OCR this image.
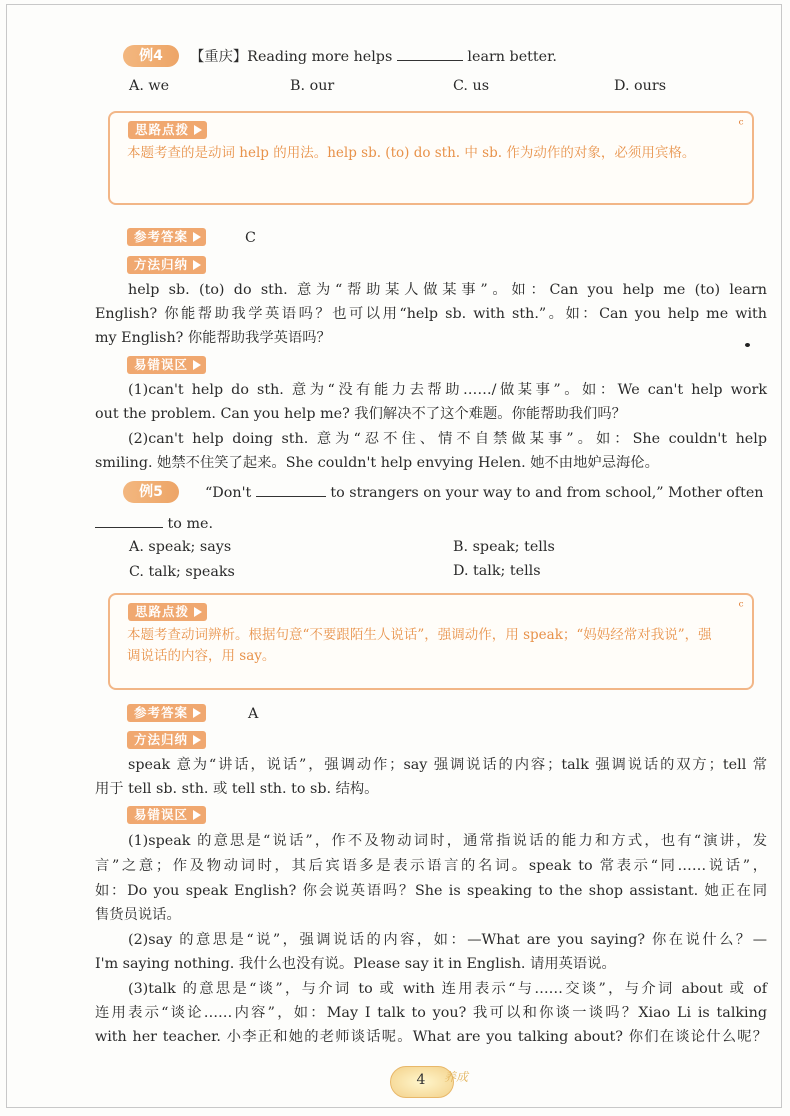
例4	【重庆】Reading more helps	learn better.
A. we	B. our	C. us	D. ours
思路点拨
本题考查的是动词 help 的用法。help sb. (to) do sth. 中 sb. 作为动作的对象，必须用宾格。
ᶜ
参考答案	C
方法归纳
help sb. (to) do sth. 意为“帮助某人做某事”。如：Can you help me (to) learn
English? 你能帮助我学英语吗？也可以用“help sb. with sth.”。如：Can you help me with
my English? 你能帮助我学英语吗？
易错误区
(1)can't help do sth. 意为“没有能力去帮助……/做某事”。如：We can't help work
out the problem. Can you help me? 我们解决不了这个难题。你能帮助我们吗？
(2)can't help doing sth. 意为“忍不住、情不自禁做某事”。如：She couldn't help
smiling. 她禁不住笑了起来。She couldn't help envying Helen. 她不由地妒忌海伦。
例5	“Don't	to strangers on your way to and from school,” Mother often
to me.
A. speak; says	B. speak; tells
C. talk; speaks	D. talk; tells
思路点拨
本题考查动词辨析。根据句意“不要跟陌生人说话”，强调动作，用 speak；“妈妈经常对我说”，强调说话的内容，用 say。
ᶜ
参考答案	A
方法归纳
speak 意为“讲话，说话”，强调动作；say 强调说话的内容；talk 强调说话的双方；tell 常
用于 tell sb. sth. 或 tell sth. to sb. 结构。
易错误区
(1)speak 的意思是“说话”，作不及物动词时，通常指说话的能力和方式，也有“演讲，发
言”之意；作及物动词时，其后宾语多是表示语言的名词。speak to 常表示“同……说话”，
如：Do you speak English? 你会说英语吗？She is speaking to the shop assistant. 她正在同
售货员说话。
(2)say 的意思是“说”，强调说话的内容，如：—What are you saying? 你在说什么？—
I'm saying nothing. 我什么也没有说。Please say it in English. 请用英语说。
(3)talk 的意思是“谈”，与介词 to 或 with 连用表示“与……交谈”，与介词 about 或 of
连用表示“谈论……内容”，如：May I talk to you? 我可以和你谈一谈吗？Xiao Li is talking
with her teacher. 小李正和她的老师谈话呢。What are you talking about? 你们在谈论什么呢？
4	养成
